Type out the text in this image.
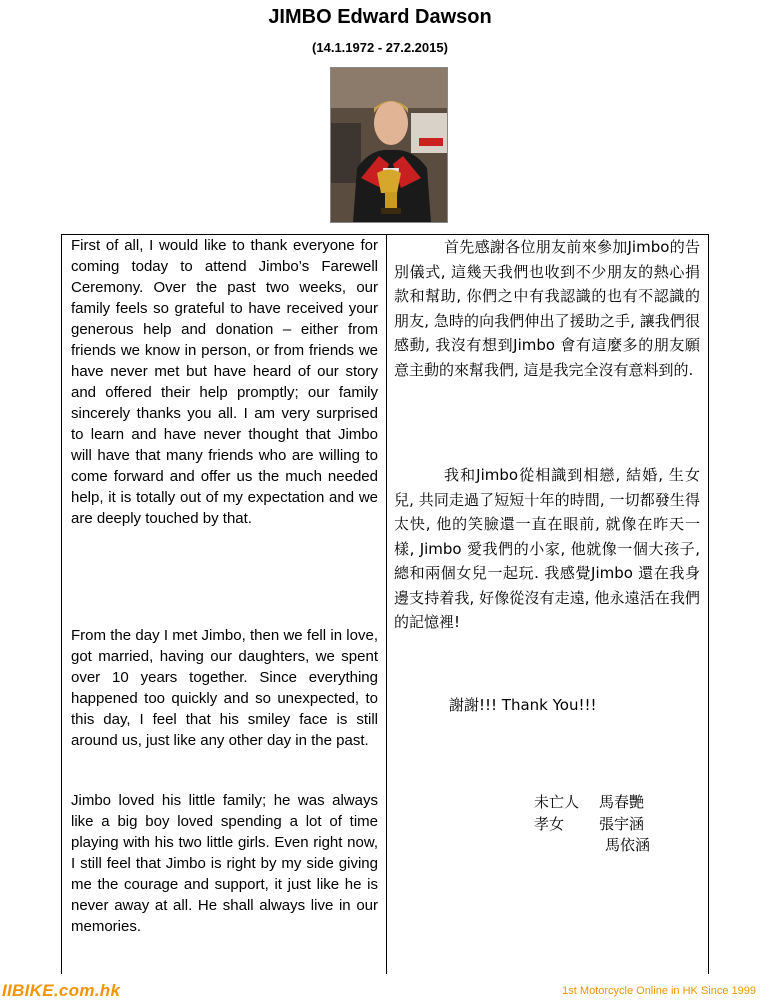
JIMBO Edward Dawson
(14.1.1972 - 27.2.2015)

First of all, I would like to thank everyone for coming today to attend Jimbo’s Farewell Ceremony. Over the past two weeks, our family feels so grateful to have received your generous help and donation – either from friends we know in person, or from friends we have never met but have heard of our story and offered their help promptly; our family sincerely thanks you all. I am very surprised to learn and have never thought that Jimbo will have that many friends who are willing to come forward and offer us the much needed help, it is totally out of my expectation and we are deeply touched by that.

From the day I met Jimbo, then we fell in love, got married, having our daughters, we spent over 10 years together. Since everything happened too quickly and so unexpected, to this day, I feel that his smiley face is still around us, just like any other day in the past.

Jimbo loved his little family; he was always like a big boy loved spending a lot of time playing with his two little girls. Even right now, I still feel that Jimbo is right by my side giving me the courage and support, it just like he is never away at all. He shall always live in our memories.

首先感謝各位朋友前來參加Jimbo的告別儀式, 這幾天我們也收到不少朋友的熱心捐款和幫助, 你們之中有我認識的也有不認識的朋友, 急時的向我們伸出了援助之手, 讓我們很感動, 我沒有想到Jimbo 會有這麼多的朋友願意主動的來幫我們, 這是我完全沒有意料到的.

我和Jimbo從相識到相戀, 結婚, 生女兒, 共同走過了短短十年的時間, 一切都發生得太快, 他的笑臉還一直在眼前, 就像在昨天一樣, Jimbo 愛我們的小家, 他就像一個大孩子, 總和兩個女兒一起玩. 我感覺Jimbo 還在我身邊支持着我, 好像從沒有走遠, 他永遠活在我們的記憶裡!

謝謝!!! Thank You!!!
未亡人 馬春艷
孝女 張宇涵
馬依涵
IIBIKE.com.hk	1st Motorcycle Online in HK Since 1999
